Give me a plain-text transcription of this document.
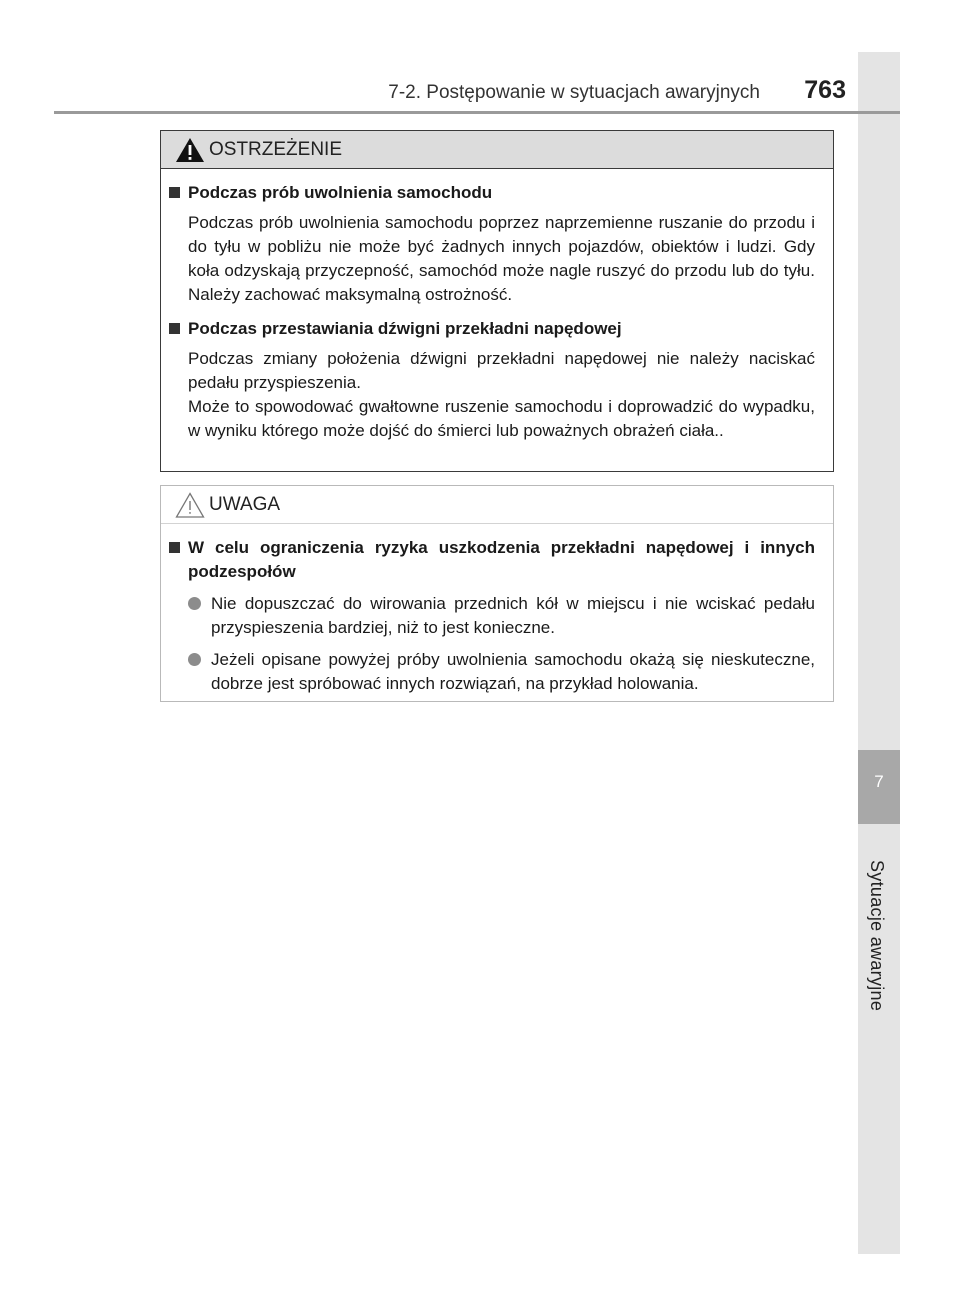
7
Sytuacje awaryjne
7-2. Postępowanie w sytuacjach awaryjnych 763
OSTRZEŻENIE
Podczas prób uwolnienia samochodu

Podczas prób uwolnienia samochodu poprzez naprzemienne ruszanie do przodu i do tyłu w pobliżu nie może być żadnych innych pojazdów, obiektów i ludzi. Gdy koła odzyskają przyczepność, samochód może nagle ruszyć do przodu lub do tyłu. Należy zachować maksymalną ostrożność.

Podczas przestawiania dźwigni przekładni napędowej

Podczas zmiany położenia dźwigni przekładni napędowej nie należy naciskać pedału przyspieszenia.

Może to spowodować gwałtowne ruszenie samochodu i doprowadzić do wypadku, w wyniku którego może dojść do śmierci lub poważnych obrażeń ciała..

UWAGA
W celu ograniczenia ryzyka uszkodzenia przekładni napędowej i innych podzespołów
Nie dopuszczać do wirowania przednich kół w miejscu i nie wciskać pedału przyspieszenia bardziej, niż to jest konieczne.
Jeżeli opisane powyżej próby uwolnienia samochodu okażą się nieskuteczne, dobrze jest spróbować innych rozwiązań, na przykład holowania.
